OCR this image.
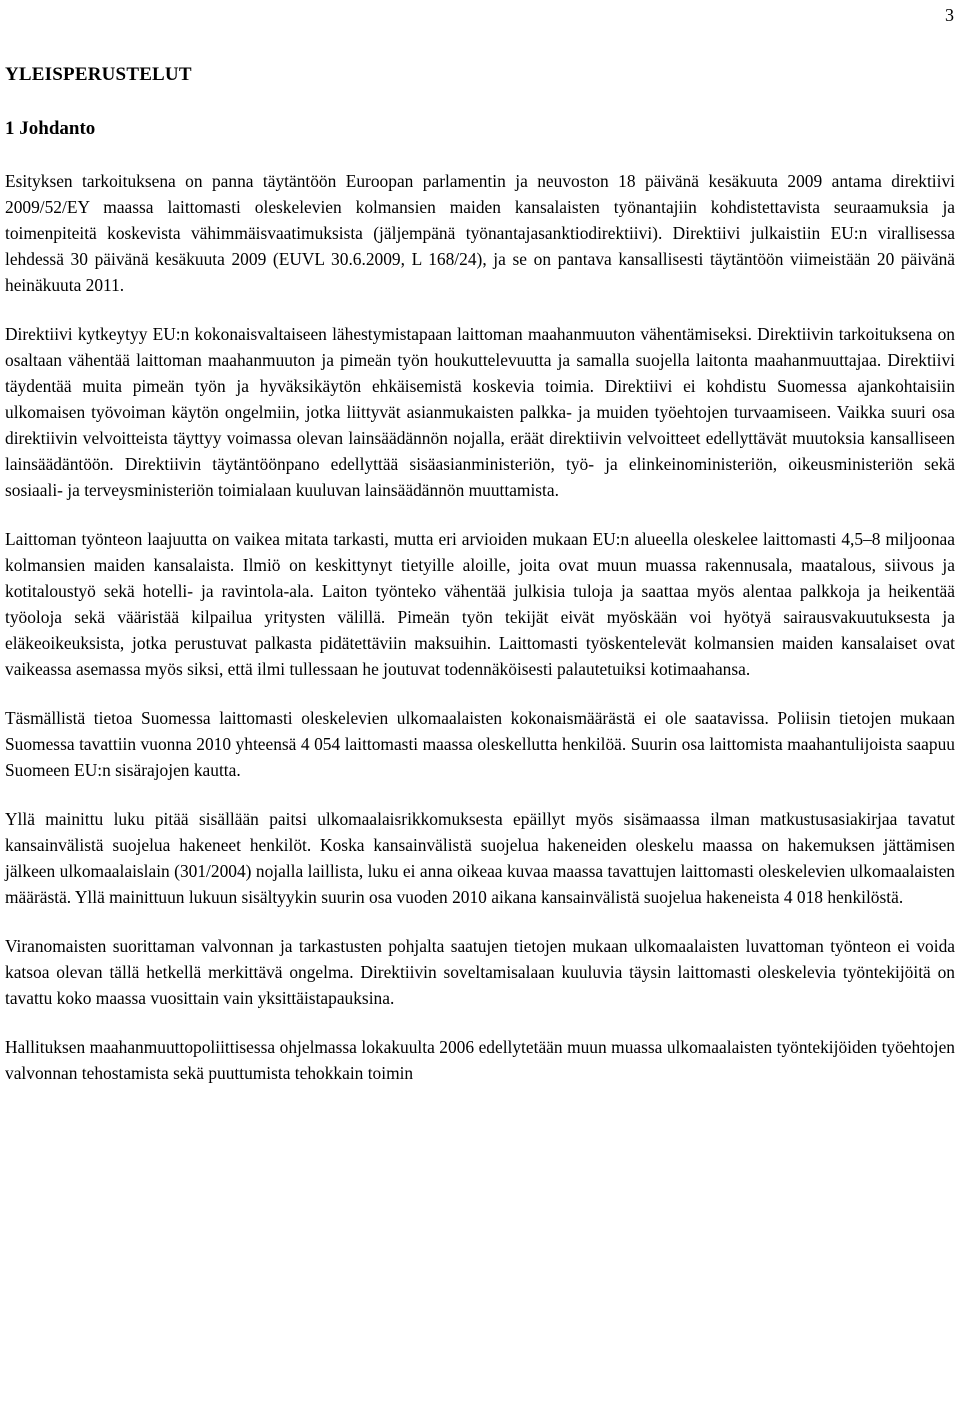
3
YLEISPERUSTELUT
1 Johdanto

Esityksen tarkoituksena on panna täytäntöön Euroopan parlamentin ja neuvoston 18 päivänä kesäkuuta 2009 antama direktiivi 2009/52/EY maassa laittomasti oleskelevien kolmansien maiden kansalaisten työnantajiin kohdistettavista seuraamuksia ja toimenpiteitä koskevista vähimmäisvaatimuksista (jäljempänä työnantajasanktiodirektiivi). Direktiivi julkaistiin EU:n virallisessa lehdessä 30 päivänä kesäkuuta 2009 (EUVL 30.6.2009, L 168/24), ja se on pantava kansallisesti täytäntöön viimeistään 20 päivänä heinäkuuta 2011.

Direktiivi kytkeytyy EU:n kokonaisvaltaiseen lähestymistapaan laittoman maahanmuuton vähentämiseksi. Direktiivin tarkoituksena on osaltaan vähentää laittoman maahanmuuton ja pimeän työn houkuttelevuutta ja samalla suojella laitonta maahanmuuttajaa. Direktiivi täydentää muita pimeän työn ja hyväksikäytön ehkäisemistä koskevia toimia. Direktiivi ei kohdistu Suomessa ajankohtaisiin ulkomaisen työvoiman käytön ongelmiin, jotka liittyvät asianmukaisten palkka- ja muiden työehtojen turvaamiseen. Vaikka suuri osa direktiivin velvoitteista täyttyy voimassa olevan lainsäädännön nojalla, eräät direktiivin velvoitteet edellyttävät muutoksia kansalliseen lainsäädäntöön. Direktiivin täytäntöönpano edellyttää sisäasianministeriön, työ- ja elinkeinoministeriön, oikeusministeriön sekä sosiaali- ja terveysministeriön toimialaan kuuluvan lainsäädännön muuttamista.

Laittoman työnteon laajuutta on vaikea mitata tarkasti, mutta eri arvioiden mukaan EU:n alueella oleskelee laittomasti 4,5–8 miljoonaa kolmansien maiden kansalaista. Ilmiö on keskittynyt tietyille aloille, joita ovat muun muassa rakennusala, maatalous, siivous ja kotitaloustyö sekä hotelli- ja ravintola-ala. Laiton työnteko vähentää julkisia tuloja ja saattaa myös alentaa palkkoja ja heikentää työoloja sekä vääristää kilpailua yritysten välillä. Pimeän työn tekijät eivät myöskään voi hyötyä sairausvakuutuksesta ja eläkeoikeuksista, jotka perustuvat palkasta pidätettäviin maksuihin. Laittomasti työskentelevät kolmansien maiden kansalaiset ovat vaikeassa asemassa myös siksi, että ilmi tullessaan he joutuvat todennäköisesti palautetuiksi kotimaahansa.

Täsmällistä tietoa Suomessa laittomasti oleskelevien ulkomaalaisten kokonaismäärästä ei ole saatavissa. Poliisin tietojen mukaan Suomessa tavattiin vuonna 2010 yhteensä 4 054 laittomasti maassa oleskellutta henkilöä. Suurin osa laittomista maahantulijoista saapuu Suomeen EU:n sisärajojen kautta.

Yllä mainittu luku pitää sisällään paitsi ulkomaalaisrikkomuksesta epäillyt myös sisämaassa ilman matkustusasiakirjaa tavatut kansainvälistä suojelua hakeneet henkilöt. Koska kansainvälistä suojelua hakeneiden oleskelu maassa on hakemuksen jättämisen jälkeen ulkomaalaislain (301/2004) nojalla laillista, luku ei anna oikeaa kuvaa maassa tavattujen laittomasti oleskelevien ulkomaalaisten määrästä. Yllä mainittuun lukuun sisältyykin suurin osa vuoden 2010 aikana kansainvälistä suojelua hakeneista 4 018 henkilöstä.

Viranomaisten suorittaman valvonnan ja tarkastusten pohjalta saatujen tietojen mukaan ulkomaalaisten luvattoman työnteon ei voida katsoa olevan tällä hetkellä merkittävä ongelma. Direktiivin soveltamisalaan kuuluvia täysin laittomasti oleskelevia työntekijöitä on tavattu koko maassa vuosittain vain yksittäistapauksina.

Hallituksen maahanmuuttopoliittisessa ohjelmassa lokakuulta 2006 edellytetään muun muassa ulkomaalaisten työntekijöiden työehtojen valvonnan tehostamista sekä puuttumista tehokkain toimin
